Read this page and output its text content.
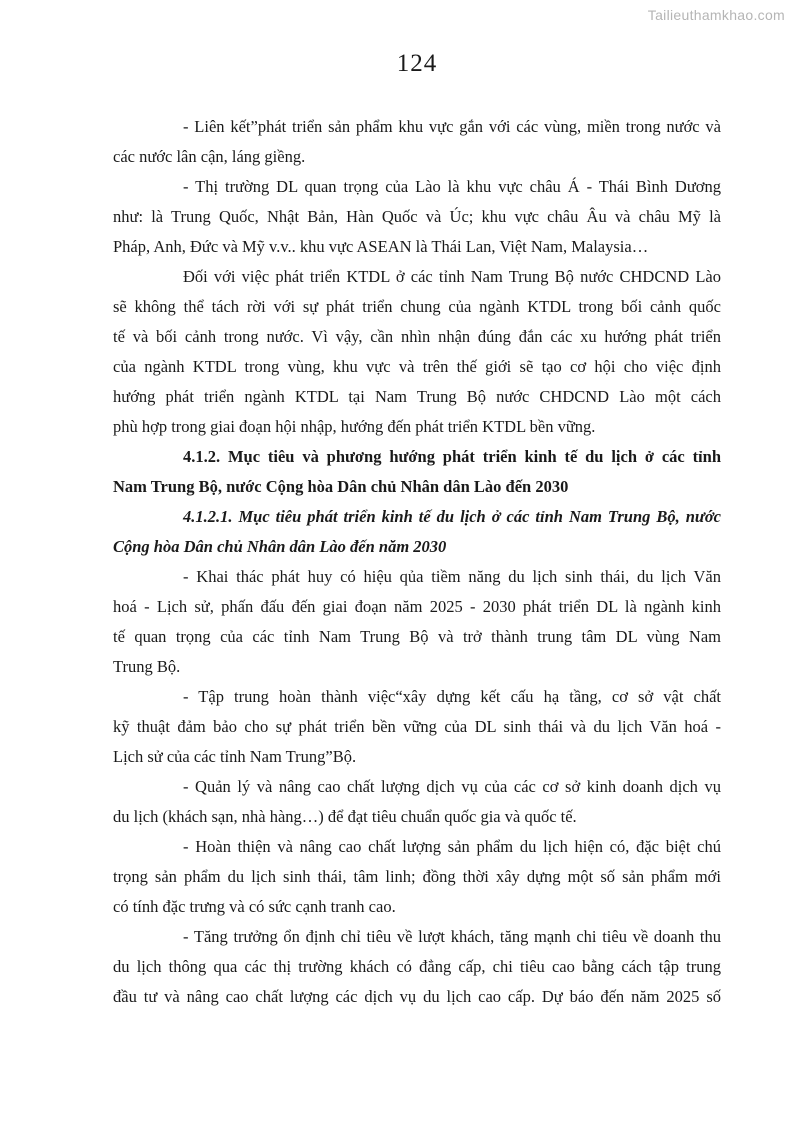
Tailieuthamkhao.com
124
- Liên kết”phát triển sản phẩm khu vực gắn với các vùng, miền trong nước và
các nước lân cận, láng giềng.
- Thị trường DL quan trọng của Lào là khu vực châu Á - Thái Bình Dương
như: là Trung Quốc, Nhật Bản, Hàn Quốc và Úc; khu vực châu Âu và châu Mỹ là
Pháp, Anh, Đức và Mỹ v.v.. khu vực ASEAN là Thái Lan, Việt Nam, Malaysia…
Đối với việc phát triển KTDL ở các tỉnh Nam Trung Bộ nước CHDCND Lào
sẽ không thể tách rời với sự phát triển chung của ngành KTDL trong bối cảnh quốc
tế và bối cảnh trong nước. Vì vậy, cần nhìn nhận đúng đắn các xu hướng phát triển
của ngành KTDL trong vùng, khu vực và trên thế giới sẽ tạo cơ hội cho việc định
hướng phát triển ngành KTDL tại Nam Trung Bộ nước CHDCND Lào một cách
phù hợp trong giai đoạn hội nhập, hướng đến phát triển KTDL bền vững.
4.1.2. Mục tiêu và phương hướng phát triển kinh tế du lịch ở các tỉnh
Nam Trung Bộ, nước Cộng hòa Dân chủ Nhân dân Lào đến 2030
4.1.2.1. Mục tiêu phát triển kinh tế du lịch ở các tỉnh Nam Trung Bộ, nước
Cộng hòa Dân chủ Nhân dân Lào đến năm 2030
- Khai thác phát huy có hiệu qủa tiềm năng du lịch sinh thái, du lịch Văn
hoá - Lịch sử, phấn đấu đến giai đoạn năm 2025 - 2030 phát triển DL là ngành kinh
tế quan trọng của các tỉnh Nam Trung Bộ và trở thành trung tâm DL vùng Nam
Trung Bộ.
- Tập trung hoàn thành việc“xây dựng kết cấu hạ tầng, cơ sở vật chất
kỹ thuật đảm bảo cho sự phát triển bền vững của DL sinh thái và du lịch Văn hoá -
Lịch sử của các tỉnh Nam Trung”Bộ.
- Quản lý và nâng cao chất lượng dịch vụ của các cơ sở kinh doanh dịch vụ
du lịch (khách sạn, nhà hàng…) để đạt tiêu chuẩn quốc gia và quốc tế.
- Hoàn thiện và nâng cao chất lượng sản phẩm du lịch hiện có, đặc biệt chú
trọng sản phẩm du lịch sinh thái, tâm linh; đồng thời xây dựng một số sản phẩm mới
có tính đặc trưng và có sức cạnh tranh cao.
- Tăng trưởng ổn định chỉ tiêu về lượt khách, tăng mạnh chi tiêu về doanh thu
du lịch thông qua các thị trường khách có đẳng cấp, chi tiêu cao bằng cách tập trung
đầu tư và nâng cao chất lượng các dịch vụ du lịch cao cấp. Dự báo đến năm 2025 số
